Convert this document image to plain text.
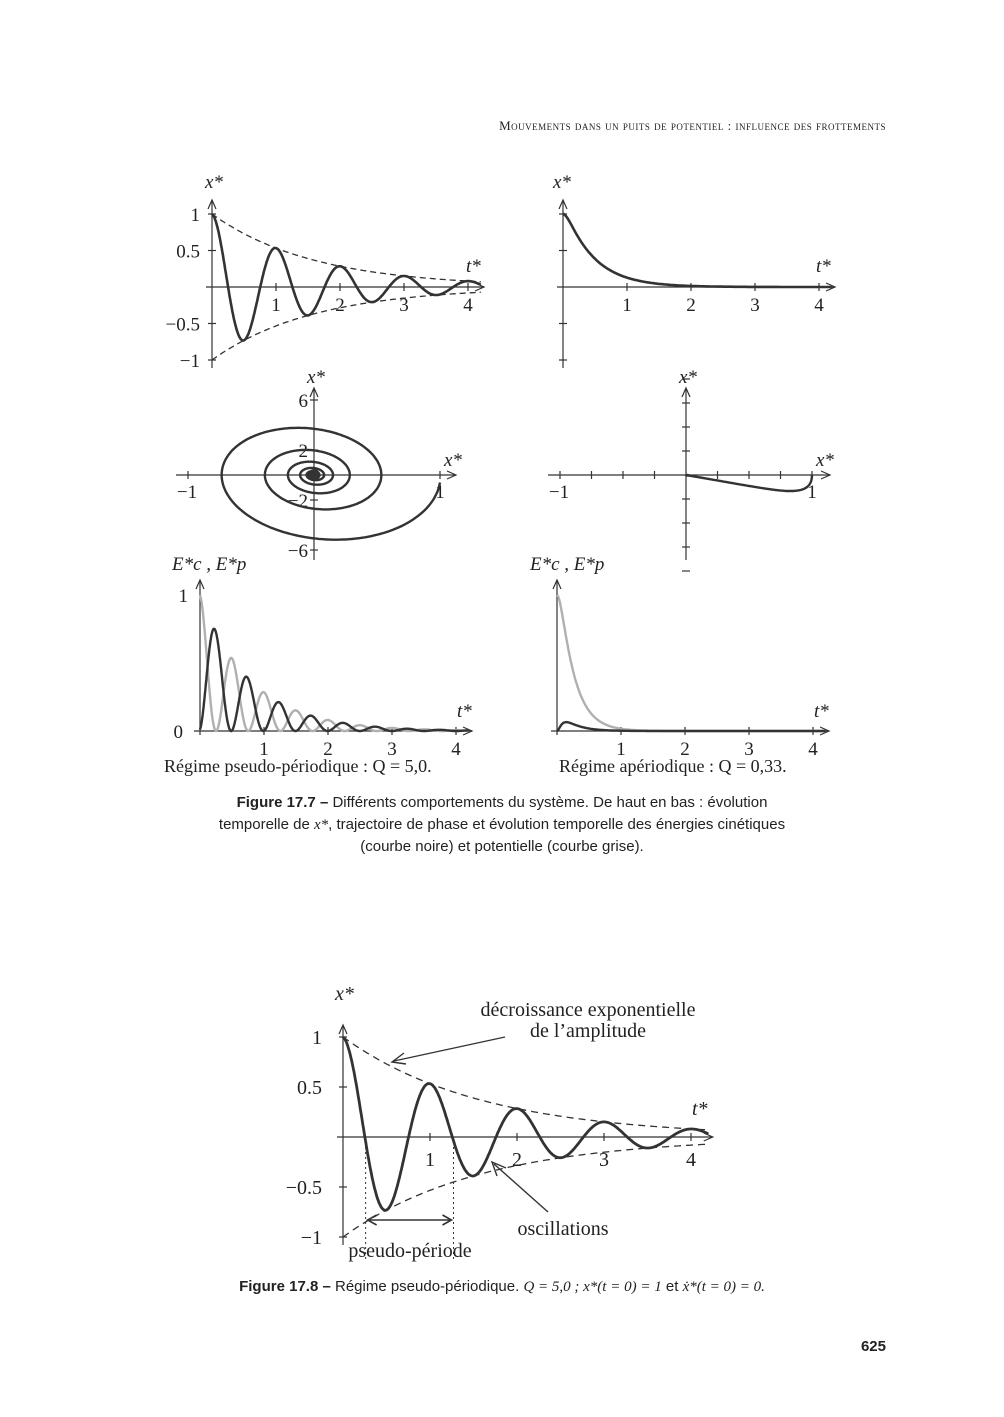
Mouvements dans un puits de potentiel : influence des frottements
1	2	3	4
1
0.5
−0.5
−1
x*
t*
1	2	3	4
x*
t*
6
2
−2
−6
−1	1
x*
x*
−1	1
x*
x*
1	2	3	4
1
0
E*c , E*p
t*
1	2	3	4
E*c , E*p
t*
1	2	3	4
1
0.5
−0.5
−1
x*
t*
décroissance exponentielle
de l’amplitude
oscillations
pseudo-période
Régime pseudo-périodique : Q = 5,0.	Régime apériodique : Q = 0,33.
Figure 17.7 – Différents comportements du système. De haut en bas : évolution
temporelle de x*, trajectoire de phase et évolution temporelle des énergies cinétiques
(courbe noire) et potentielle (courbe grise).
Figure 17.8 – Régime pseudo-périodique. Q = 5,0 ; x*(t = 0) = 1 et ẋ*(t = 0) = 0.
625
